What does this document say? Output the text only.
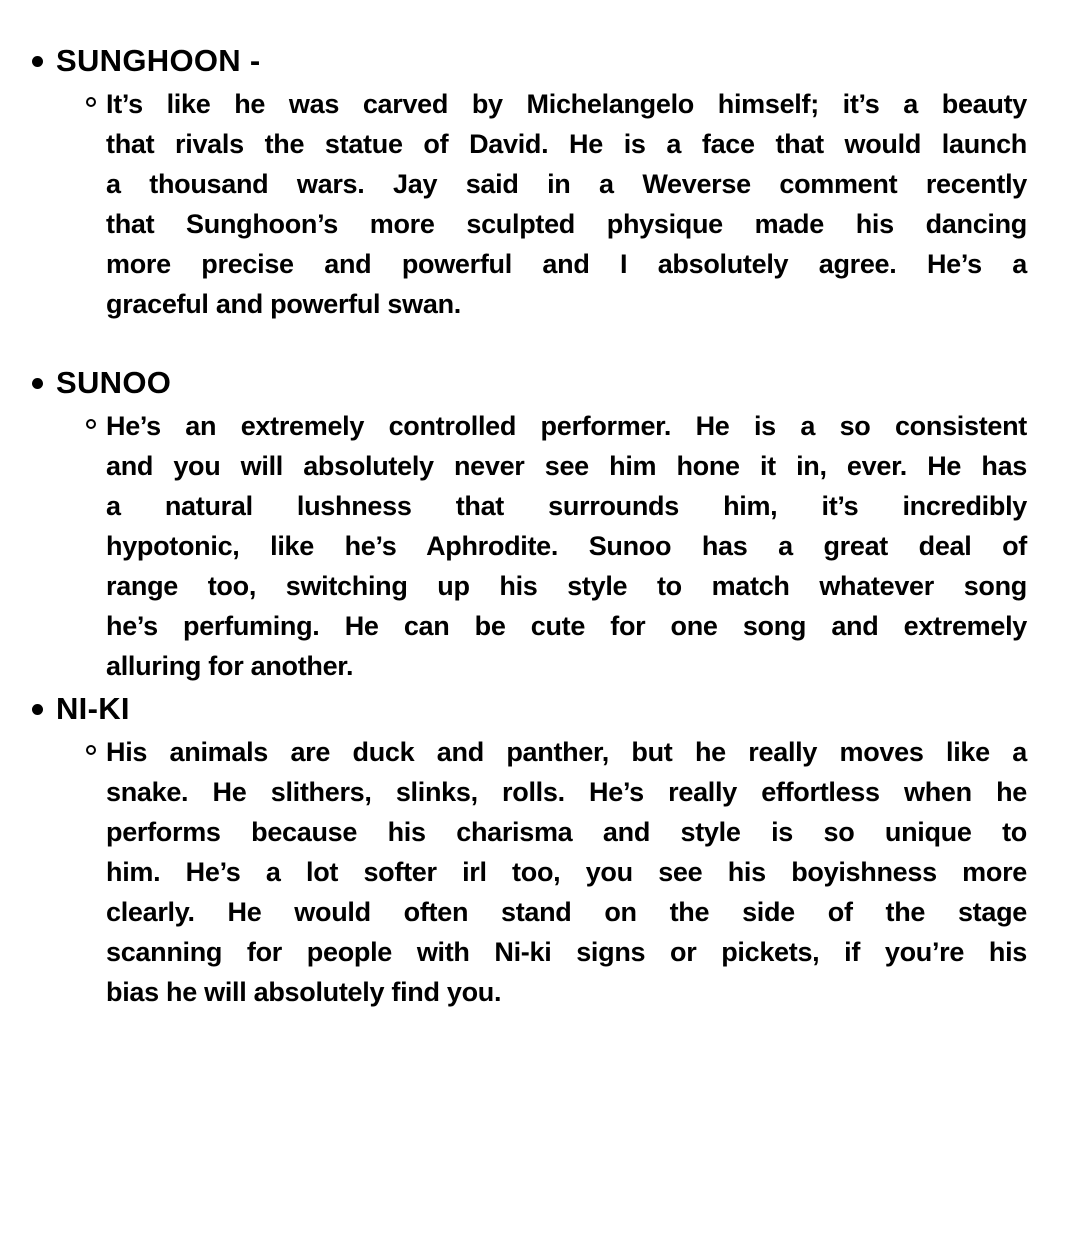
SUNGHOON -
It’s like he was carved by Michelangelo himself; it’s a beauty
that rivals the statue of David. He is a face that would launch
a thousand wars. Jay said in a Weverse comment recently
that Sunghoon’s more sculpted physique made his dancing
more precise and powerful and I absolutely agree. He’s a
graceful and powerful swan.
SUNOO
He’s an extremely controlled performer. He is a so consistent
and you will absolutely never see him hone it in, ever. He has
a natural lushness that surrounds him, it’s incredibly
hypotonic, like he’s Aphrodite. Sunoo has a great deal of
range too, switching up his style to match whatever song
he’s perfuming. He can be cute for one song and extremely
alluring for another.
NI-KI
His animals are duck and panther, but he really moves like a
snake. He slithers, slinks, rolls. He’s really effortless when he
performs because his charisma and style is so unique to
him. He’s a lot softer irl too, you see his boyishness more
clearly. He would often stand on the side of the stage
scanning for people with Ni-ki signs or pickets, if you’re his
bias he will absolutely find you.
